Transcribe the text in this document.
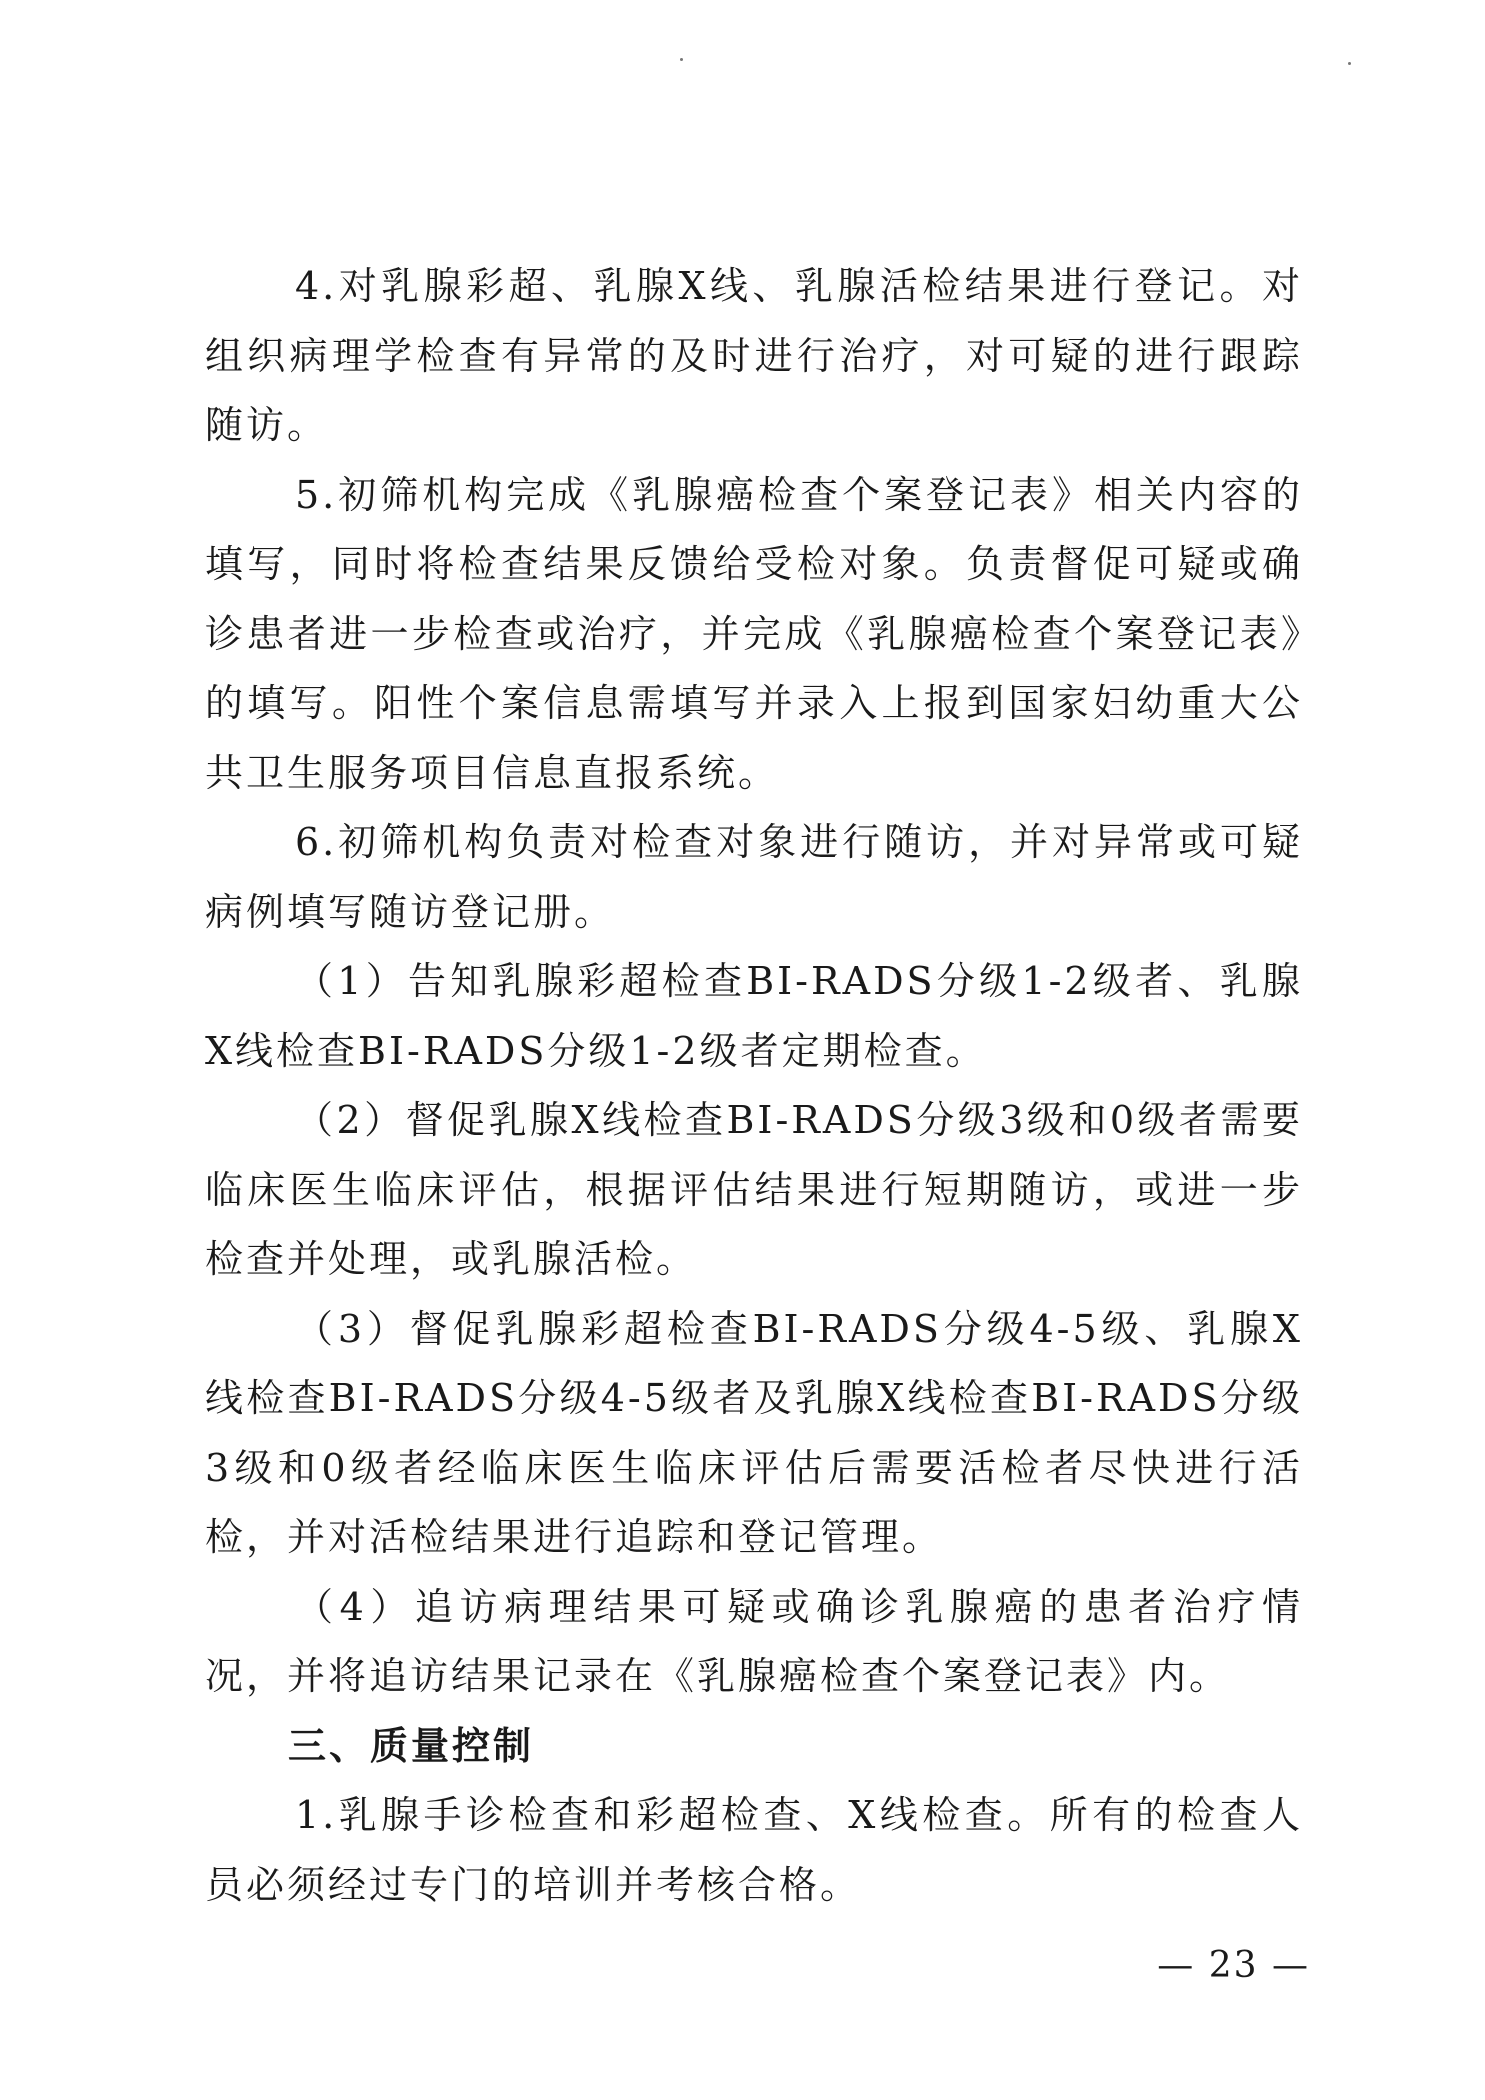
4.对乳腺彩超、乳腺X线、乳腺活检结果进行登记。对组织病理学检查有异常的及时进行治疗，对可疑的进行跟踪随访。

5.初筛机构完成《乳腺癌检查个案登记表》相关内容的填写，同时将检查结果反馈给受检对象。负责督促可疑或确诊患者进一步检查或治疗，并完成《乳腺癌检查个案登记表》的填写。阳性个案信息需填写并录入上报到国家妇幼重大公共卫生服务项目信息直报系统。

6.初筛机构负责对检查对象进行随访，并对异常或可疑病例填写随访登记册。

（1）告知乳腺彩超检查BI-RADS分级1-2级者、乳腺X线检查BI-RADS分级1-2级者定期检查。

（2）督促乳腺X线检查BI-RADS分级3级和0级者需要临床医生临床评估，根据评估结果进行短期随访，或进一步检查并处理，或乳腺活检。

（3）督促乳腺彩超检查BI-RADS分级4-5级、乳腺X线检查BI-RADS分级4-5级者及乳腺X线检查BI-RADS分级3级和0级者经临床医生临床评估后需要活检者尽快进行活检，并对活检结果进行追踪和登记管理。

（4）追访病理结果可疑或确诊乳腺癌的患者治疗情况，并将追访结果记录在《乳腺癌检查个案登记表》内。

三、质量控制

1.乳腺手诊检查和彩超检查、X线检查。所有的检查人员必须经过专门的培训并考核合格。

— 23 —
